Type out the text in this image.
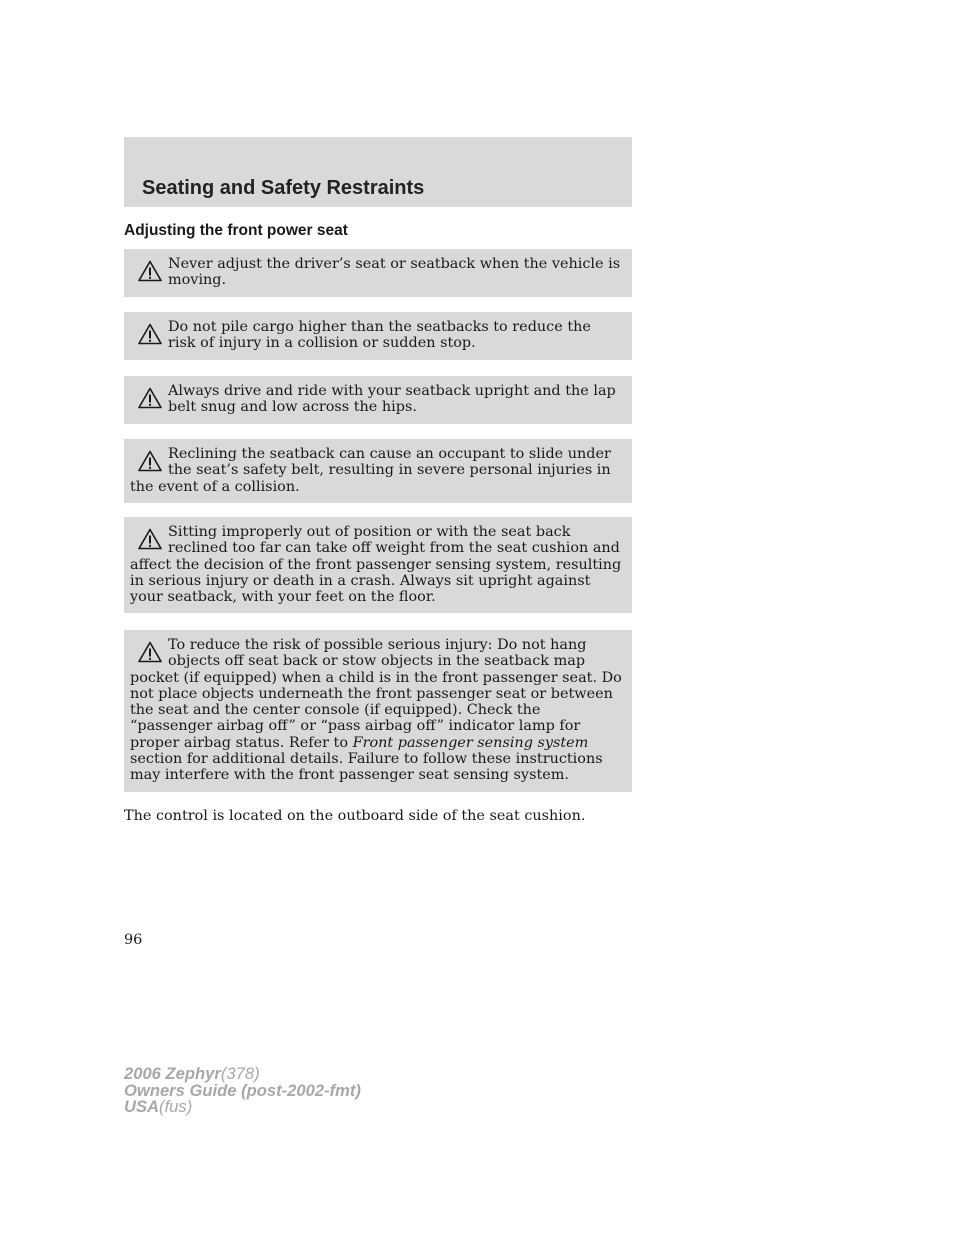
Seating and Safety Restraints
Adjusting the front power seat
Never adjust the driver’s seat or seatback when the vehicle is moving.
Do not pile cargo higher than the seatbacks to reduce the risk of injury in a collision or sudden stop.
Always drive and ride with your seatback upright and the lap belt snug and low across the hips.
Reclining the seatback can cause an occupant to slide under the seat’s safety belt, resulting in severe personal injuries in the event of a collision.
Sitting improperly out of position or with the seat back reclined too far can take off weight from the seat cushion and affect the decision of the front passenger sensing system, resulting in serious injury or death in a crash. Always sit upright against your seatback, with your feet on the floor.
To reduce the risk of possible serious injury: Do not hang objects off seat back or stow objects in the seatback map pocket (if equipped) when a child is in the front passenger seat. Do not place objects underneath the front passenger seat or between the seat and the center console (if equipped). Check the “passenger airbag off” or “pass airbag off” indicator lamp for proper airbag status. Refer to Front passenger sensing system section for additional details. Failure to follow these instructions may interfere with the front passenger seat sensing system.
The control is located on the outboard side of the seat cushion.
96
2006 Zephyr(378)
Owners Guide (post-2002-fmt)
USA(fus)
